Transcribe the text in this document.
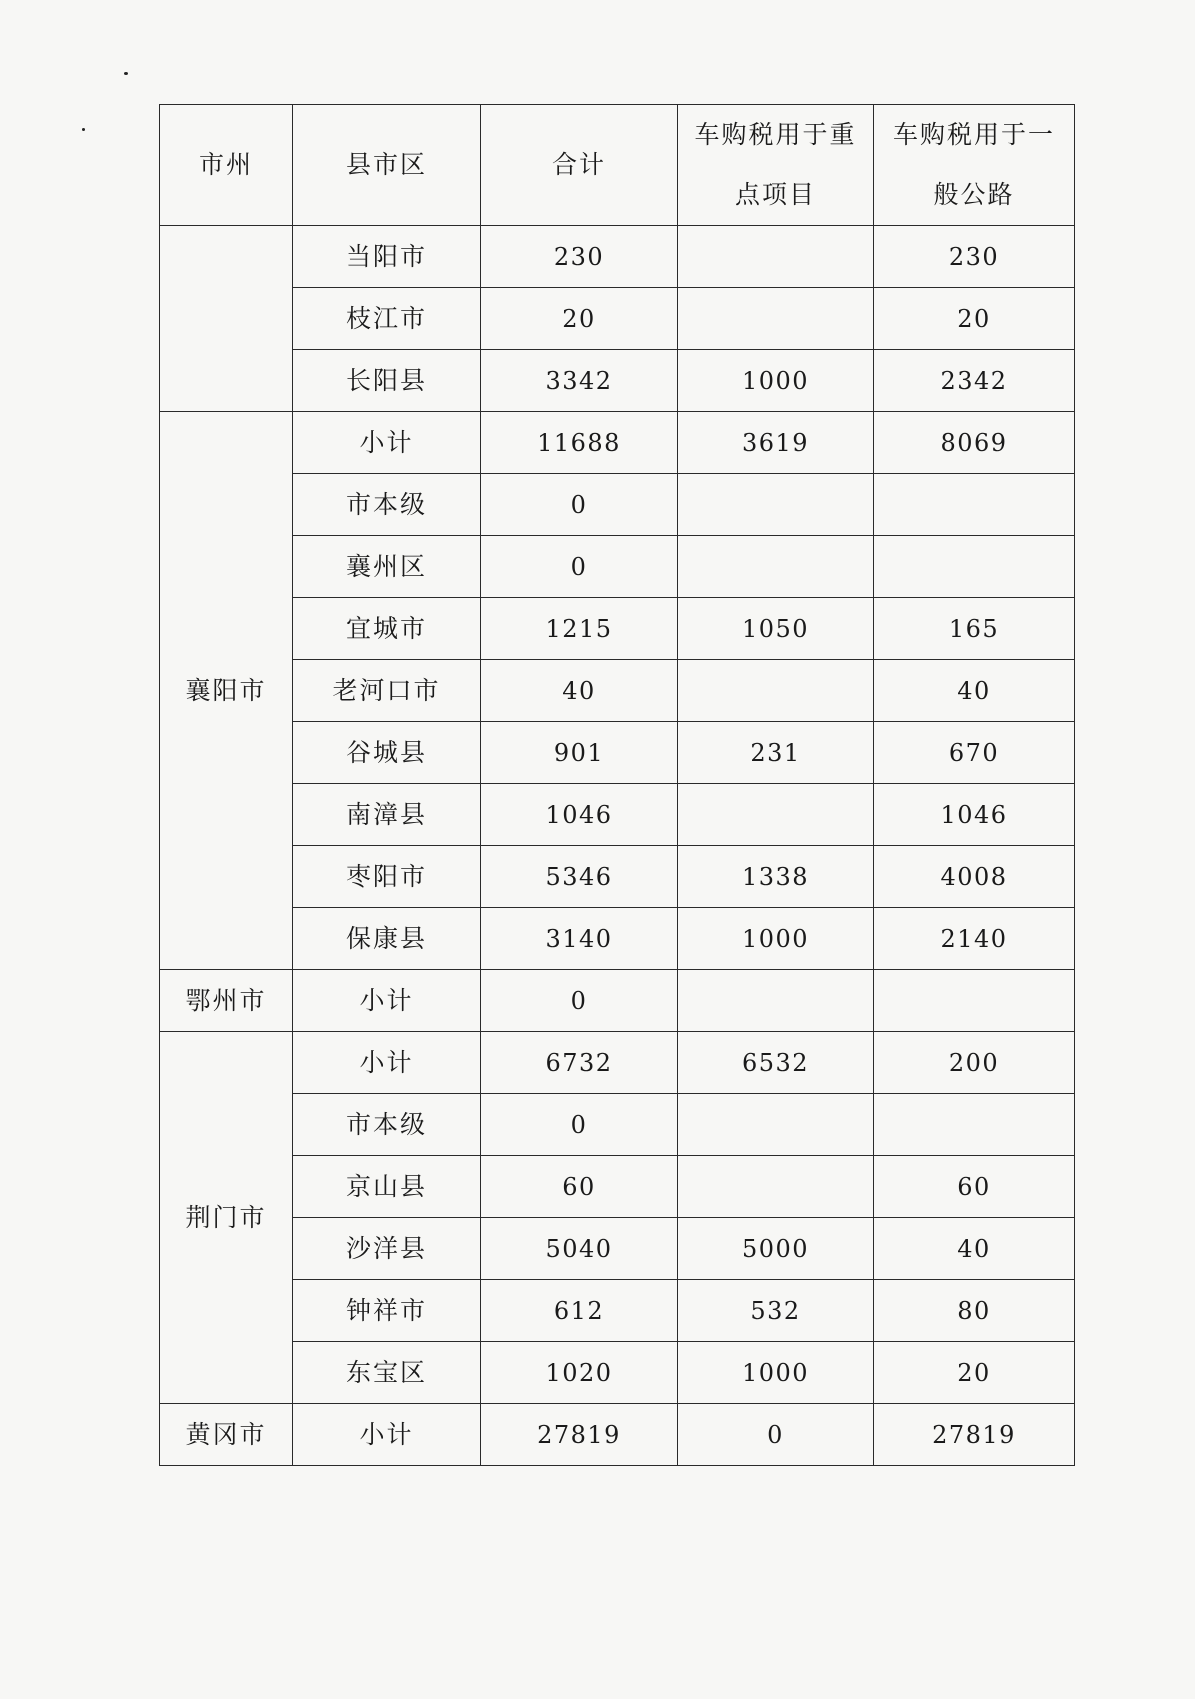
市州	县市区	合计	车购税用于重点项目	车购税用于一般公路
	当阳市	230		230
	枝江市	20		20
	长阳县	3342	1000	2342
襄阳市	小计	11688	3619	8069
	市本级	0		
	襄州区	0		
	宜城市	1215	1050	165
	老河口市	40		40
	谷城县	901	231	670
	南漳县	1046		1046
	枣阳市	5346	1338	4008
	保康县	3140	1000	2140
鄂州市	小计	0		
荆门市	小计	6732	6532	200
	市本级	0		
	京山县	60		60
	沙洋县	5040	5000	40
	钟祥市	612	532	80
	东宝区	1020	1000	20
黄冈市	小计	27819	0	27819
